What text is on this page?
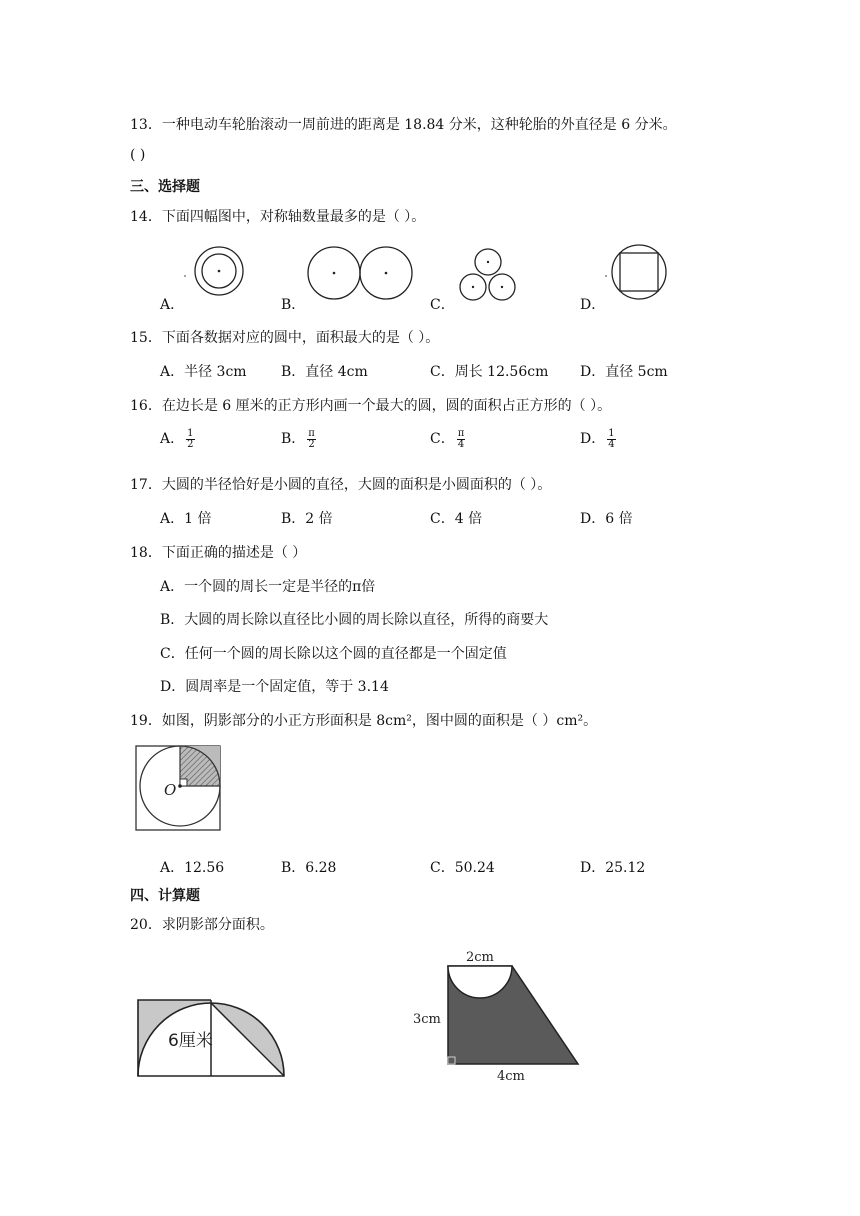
13．一种电动车轮胎滚动一周前进的距离是 18.84 分米，这种轮胎的外直径是 6 分米。
( )
三、选择题
14．下面四幅图中，对称轴数量最多的是（ ）。
A．	B．	C．	D．
15．下面各数据对应的圆中，面积最大的是（ ）。
A．半径 3cm B．直径 4cm	C．周长 12.56cm D．直径 5cm
16．在边长是 6 厘米的正方形内画一个最大的圆，圆的面积占正方形的（ ）。
A． $\frac{1}{2}$	B． $\frac{\pi}{2}$	C． $\frac{\pi}{4}$	D． $\frac{1}{4}$
17．大圆的半径恰好是小圆的直径，大圆的面积是小圆面积的（ ）。
A．1 倍	B．2 倍	C．4 倍	D．6 倍
18．下面正确的描述是（ ）
A．一个圆的周长一定是半径的π倍
B．大圆的周长除以直径比小圆的周长除以直径，所得的商要大
C．任何一个圆的周长除以这个圆的直径都是一个固定值
D．圆周率是一个固定值，等于 3.14
19．如图，阴影部分的小正方形面积是 8cm²，图中圆的面积是（ ）cm²。
O
A．12.56	B．6.28	C．50.24	D．25.12
四、计算题
20．求阴影部分面积。
6厘米
2cm
3cm
4cm
